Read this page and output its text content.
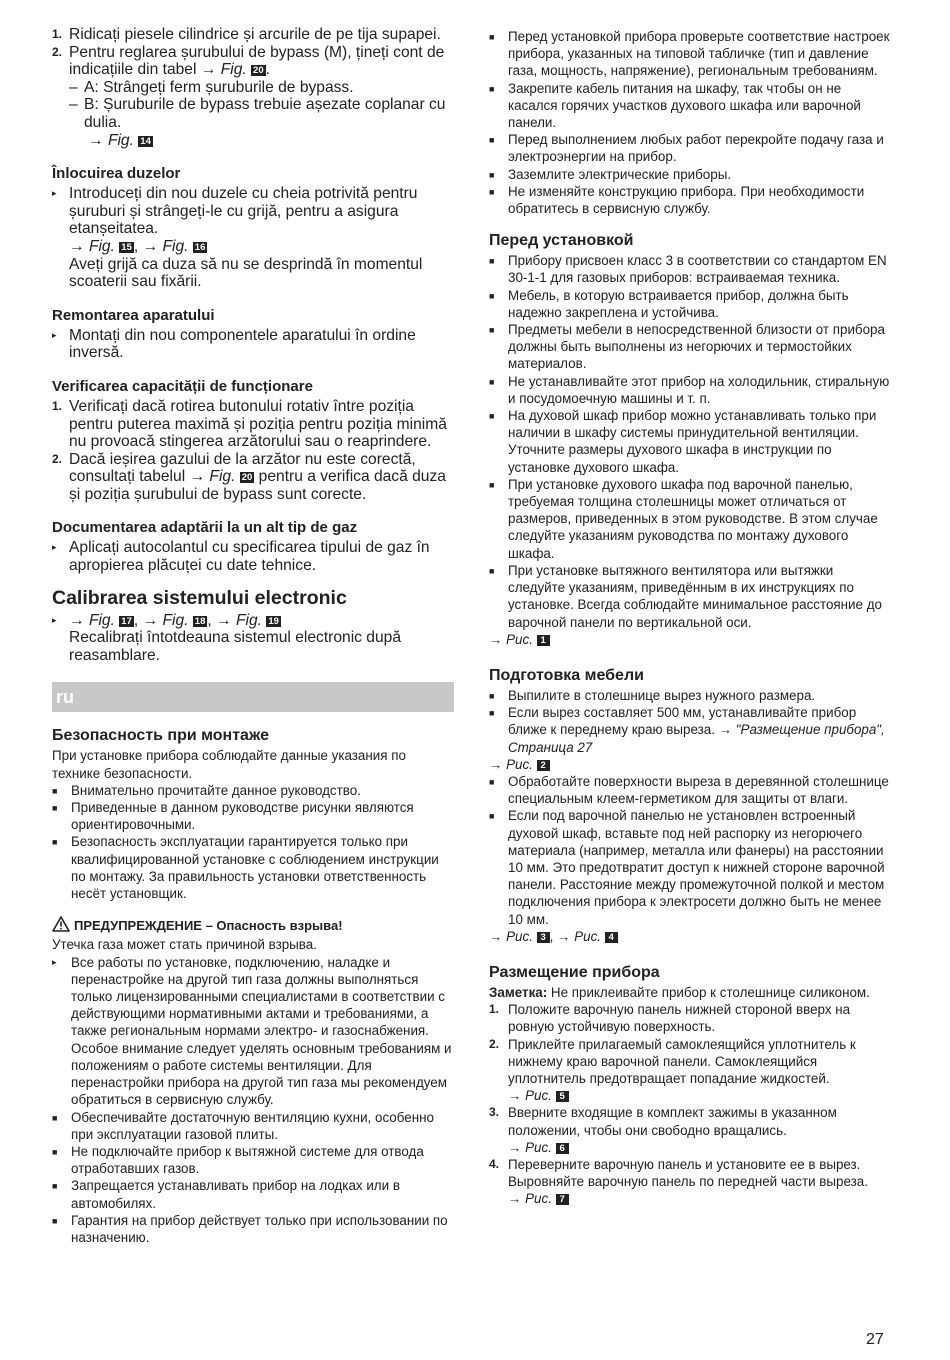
1. Ridicați piesele cilindrice și arcurile de pe tija supapei.
2. Pentru reglarea șurubului de bypass (M), țineți cont de indicațiile din tabel → Fig. 20 .
– A: Strângeți ferm șuruburile de bypass.
– B: Șuruburile de bypass trebuie așezate coplanar cu dulia.
→ Fig. 14
Înlocuirea duzelor
▸ Introduceți din nou duzele cu cheia potrivită pentru șuruburi și strângeți-le cu grijă, pentru a asigura etanșeitatea.
→ Fig. 15 , → Fig. 16
Aveți grijă ca duza să nu se desprindă în momentul scoaterii sau fixării.
Remontarea aparatului
▸ Montați din nou componentele aparatului în ordine inversă.
Verificarea capacității de funcționare
1. Verificați dacă rotirea butonului rotativ între poziția pentru puterea maximă și poziția pentru poziția minimă nu provoacă stingerea arzătorului sau o reaprindere.
2. Dacă ieșirea gazului de la arzător nu este corectă, consultați tabelul → Fig. 20 pentru a verifica dacă duza și poziția șurubului de bypass sunt corecte.
Documentarea adaptării la un alt tip de gaz
▸ Aplicați autocolantul cu specificarea tipului de gaz în apropierea plăcuței cu date tehnice.
Calibrarea sistemului electronic
▸ → Fig. 17 , → Fig. 18 , → Fig. 19
Recalibrați întotdeauna sistemul electronic după reasamblare.
ru
Безопасность при монтаже
При установке прибора соблюдайте данные указания по технике безопасности.
■ Внимательно прочитайте данное руководство.
■ Приведенные в данном руководстве рисунки являются ориентировочными.
■ Безопасность эксплуатации гарантируется только при квалифицированной установке с соблюдением инструкции по монтажу. За правильность установки ответственность несёт установщик.
ПРЕДУПРЕЖДЕНИЕ – Опасность взрыва!
Утечка газа может стать причиной взрыва.
▸ Все работы по установке, подключению, наладке и перенастройке на другой тип газа должны выполняться только лицензированными специалистами в соответствии с действующими нормативными актами и требованиями, а также региональным нормами электро- и газоснабжения. Особое внимание следует уделять основным требованиям и положениям о работе системы вентиляции. Для перенастройки прибора на другой тип газа мы рекомендуем обратиться в сервисную службу.
■ Обеспечивайте достаточную вентиляцию кухни, особенно при эксплуатации газовой плиты.
■ Не подключайте прибор к вытяжной системе для отвода отработавших газов.
■ Запрещается устанавливать прибор на лодках или в автомобилях.
■ Гарантия на прибор действует только при использовании по назначению.
■ Перед установкой прибора проверьте соответствие настроек прибора, указанных на типовой табличке (тип и давление газа, мощность, напряжение), региональным требованиям.
■ Закрепите кабель питания на шкафу, так чтобы он не касался горячих участков духового шкафа или варочной панели.
■ Перед выполнением любых работ перекройте подачу газа и электроэнергии на прибор.
■ Заземлите электрические приборы.
■ Не изменяйте конструкцию прибора. При необходимости обратитесь в сервисную службу.
Перед установкой
■ Прибору присвоен класс 3 в соответствии со стандартом EN 30-1-1 для газовых приборов: встраиваемая техника.
■ Мебель, в которую встраивается прибор, должна быть надежно закреплена и устойчива.
■ Предметы мебели в непосредственной близости от прибора должны быть выполнены из негорючих и термостойких материалов.
■ Не устанавливайте этот прибор на холодильник, стиральную и посудомоечную машины и т. п.
■ На духовой шкаф прибор можно устанавливать только при наличии в шкафу системы принудительной вентиляции. Уточните размеры духового шкафа в инструкции по установке духового шкафа.
■ При установке духового шкафа под варочной панелью, требуемая толщина столешницы может отличаться от размеров, приведенных в этом руководстве. В этом случае следуйте указаниям руководства по монтажу духового шкафа.
■ При установке вытяжного вентилятора или вытяжки следуйте указаниям, приведённым в их инструкциях по установке. Всегда соблюдайте минимальное расстояние до варочной панели по вертикальной оси.
→ Рис. 1
Подготовка мебели
■ Выпилите в столешнице вырез нужного размера.
■ Если вырез составляет 500 мм, устанавливайте прибор ближе к переднему краю выреза. → "Размещение прибора", Страница 27
→ Рис. 2
■ Обработайте поверхности выреза в деревянной столешнице специальным клеем-герметиком для защиты от влаги.
■ Если под варочной панелью не установлен встроенный духовой шкаф, вставьте под ней распорку из негорючего материала (например, металла или фанеры) на расстоянии 10 мм. Это предотвратит доступ к нижней стороне варочной панели. Расстояние между промежуточной полкой и местом подключения прибора к электросети должно быть не менее 10 мм.
→ Рис. 3 , → Рис. 4
Размещение прибора
Заметка: Не приклеивайте прибор к столешнице силиконом.
1. Положите варочную панель нижней стороной вверх на ровную устойчивую поверхность.
2. Приклейте прилагаемый самоклеящийся уплотнитель к нижнему краю варочной панели. Самоклеящийся уплотнитель предотвращает попадание жидкостей.
→ Рис. 5
3. Вверните входящие в комплект зажимы в указанном положении, чтобы они свободно вращались.
→ Рис. 6
4. Переверните варочную панель и установите ее в вырез. Выровняйте варочную панель по передней части выреза.
→ Рис. 7
27
